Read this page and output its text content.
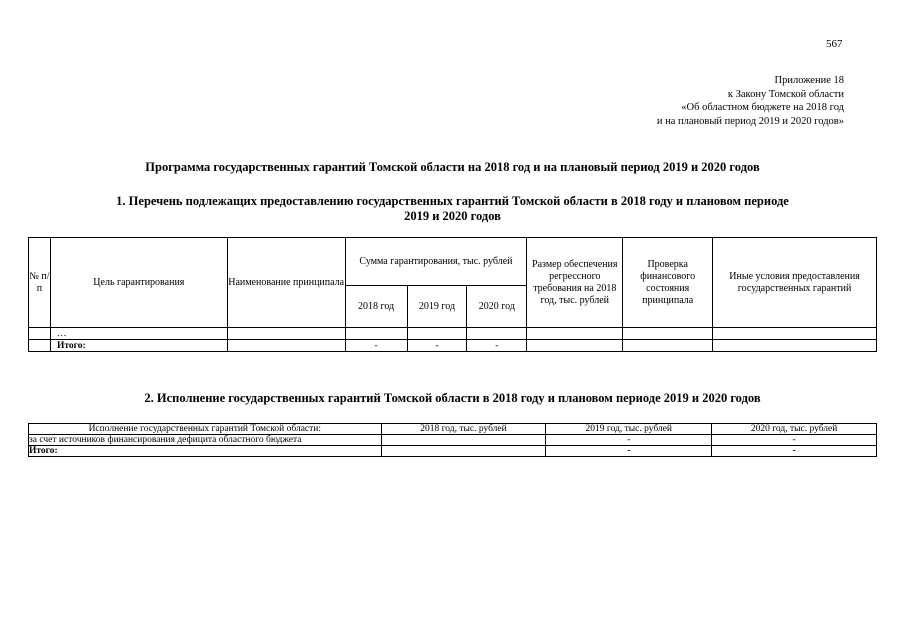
567
Приложение 18
к Закону Томской области
«Об областном бюджете на 2018 год
и на плановый период 2019 и 2020 годов»
Программа государственных гарантий Томской области на 2018 год и на плановый период 2019 и 2020 годов
1. Перечень подлежащих предоставлению государственных гарантий Томской области в 2018 году и плановом периоде
2019 и 2020 годов
№ п/п	Цель гарантирования	Наименование принципала	Сумма гарантирования, тыс. рублей			Размер обеспечения регрессного требования на 2018 год, тыс. рублей	Проверка финансового состояния принципала	Иные условия предоставления государственных гарантий
			2018 год	2019 год	2020 год			
	…							
	Итого:		-	-	-			
2. Исполнение государственных гарантий Томской области в 2018 году и плановом периоде 2019 и 2020 годов
Исполнение государственных гарантий Томской области:	2018 год, тыс. рублей	2019 год, тыс. рублей	2020 год, тыс. рублей
за счет источников финансирования дефицита областного бюджета		-	-
Итого:		-	-
